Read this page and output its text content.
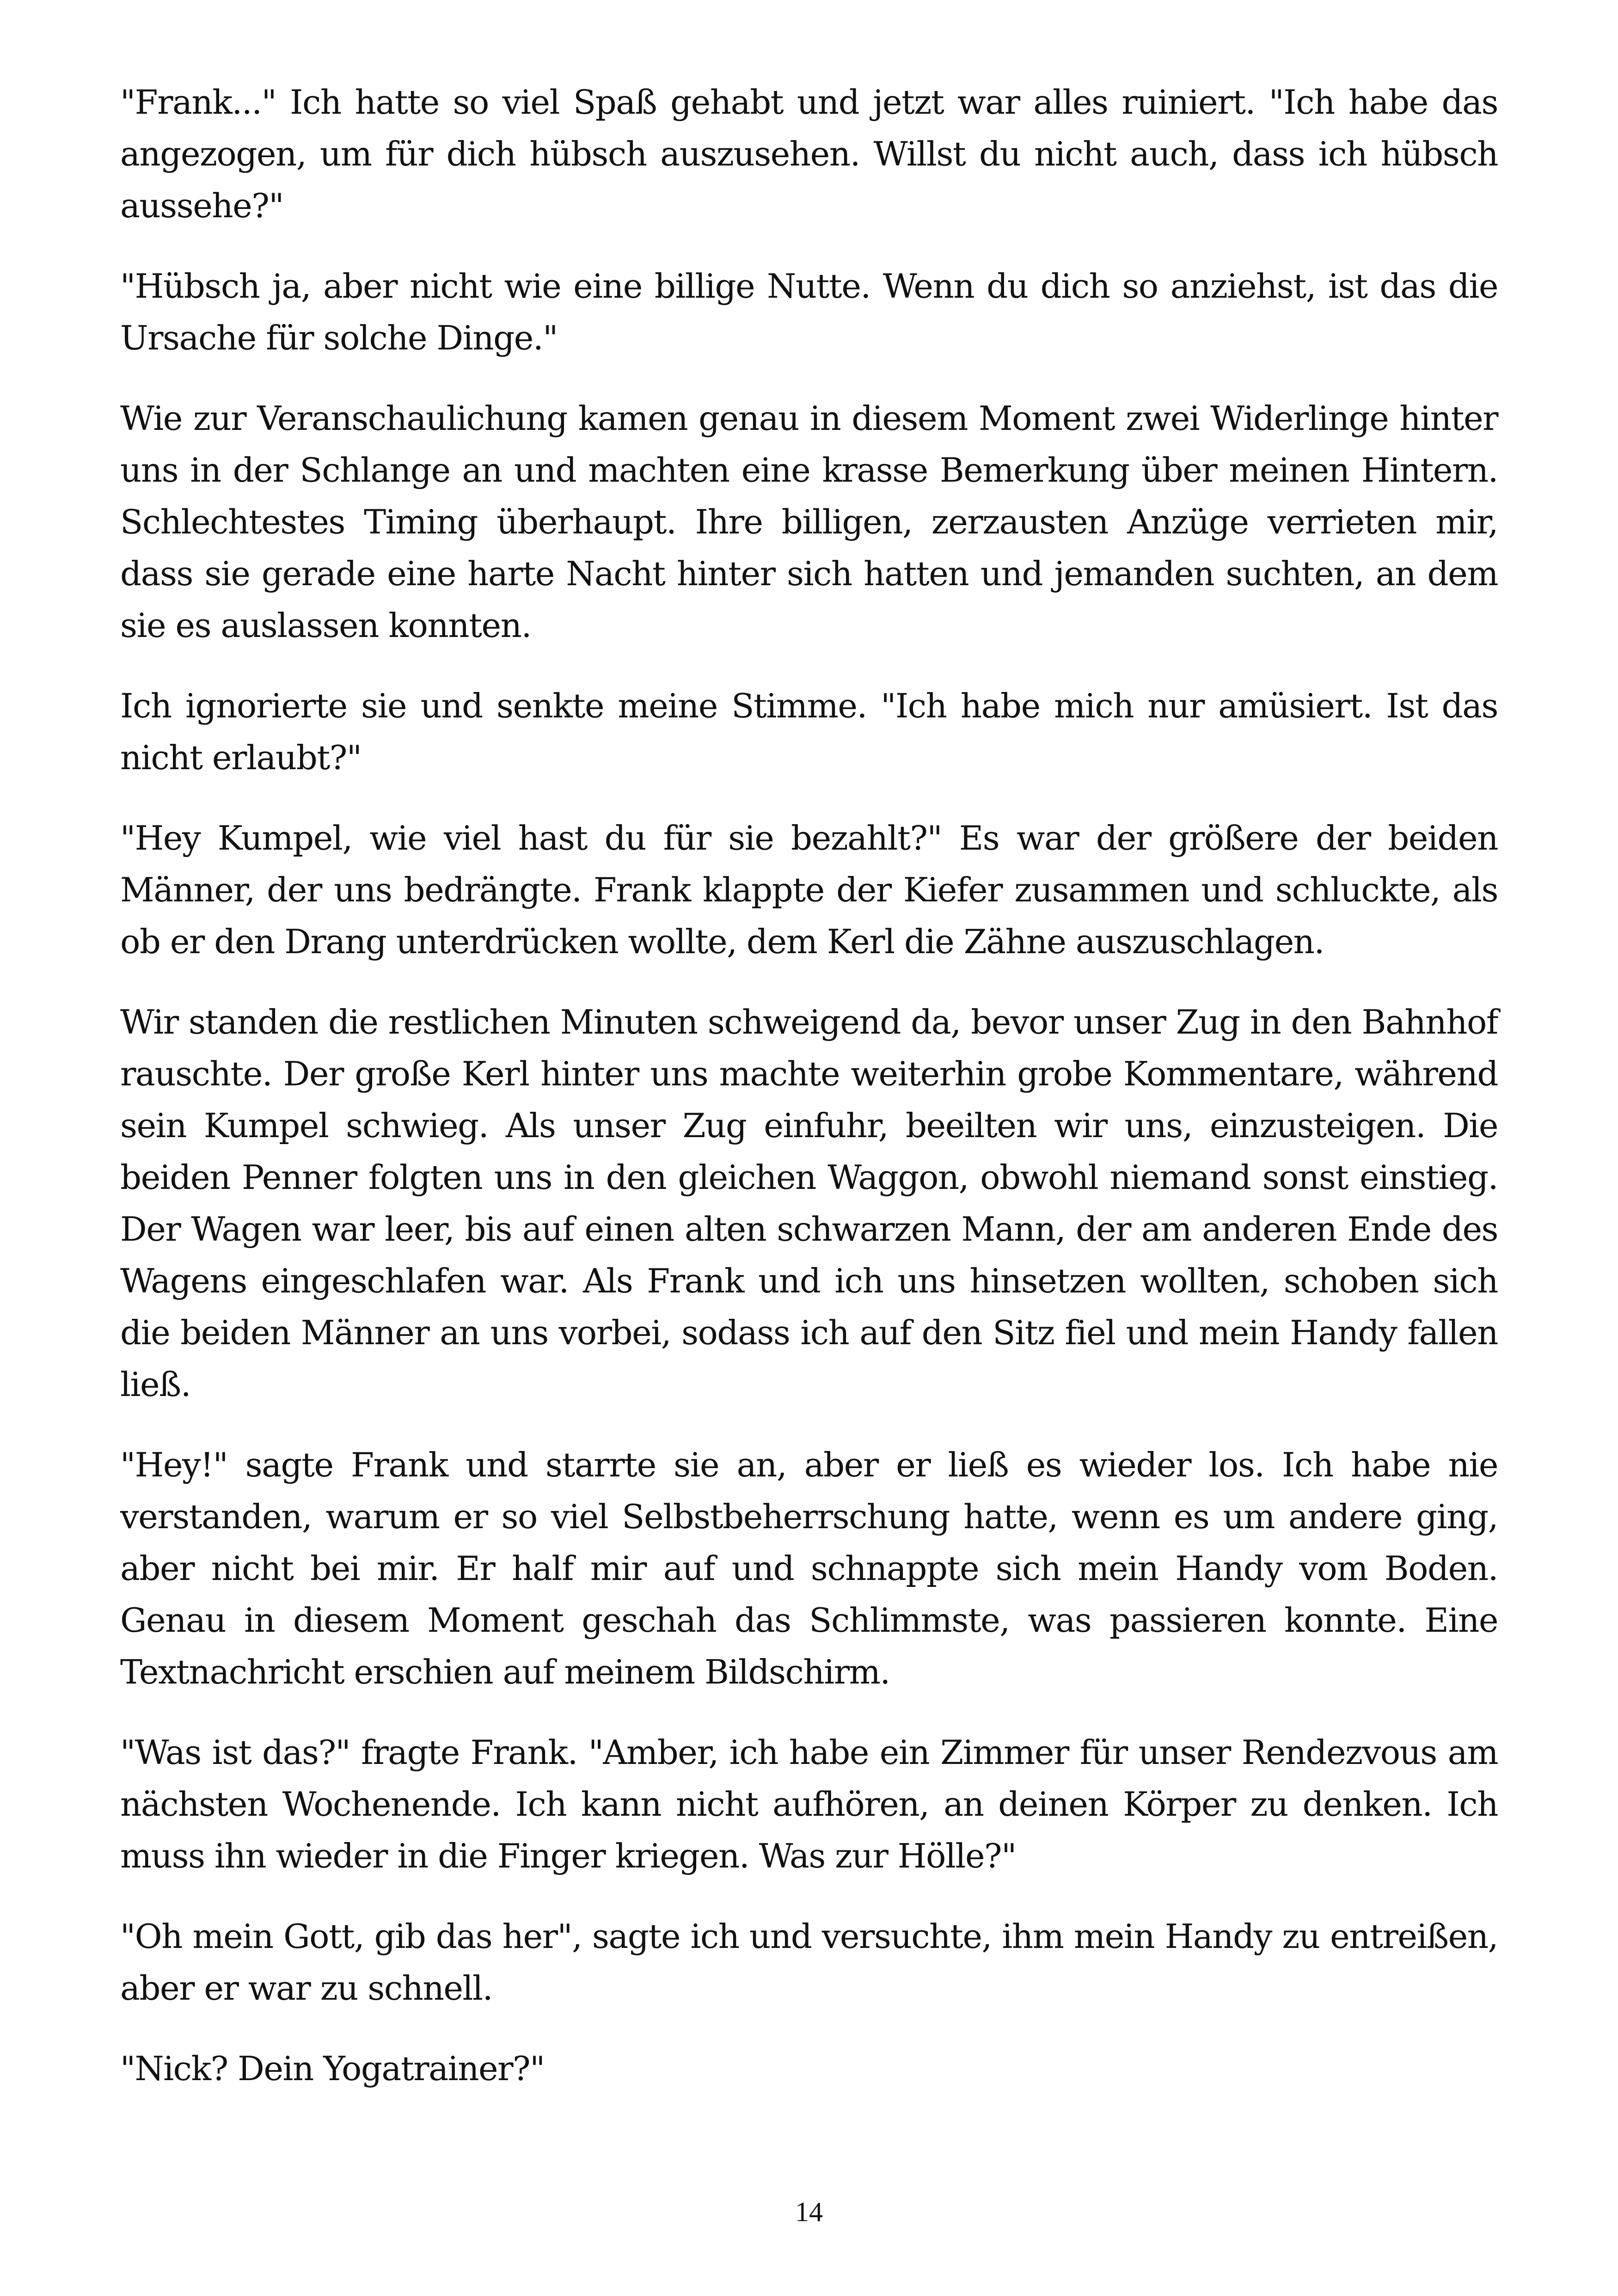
"Frank..." Ich hatte so viel Spaß gehabt und jetzt war alles ruiniert. "Ich habe das angezogen, um für dich hübsch auszusehen. Willst du nicht auch, dass ich hübsch aussehe?"

"Hübsch ja, aber nicht wie eine billige Nutte. Wenn du dich so anziehst, ist das die Ursache für solche Dinge."

Wie zur Veranschaulichung kamen genau in diesem Moment zwei Widerlinge hinter uns in der Schlange an und machten eine krasse Bemerkung über meinen Hintern. Schlechtestes Timing überhaupt. Ihre billigen, zerzausten Anzüge verrieten mir, dass sie gerade eine harte Nacht hinter sich hatten und jemanden suchten, an dem sie es auslassen konnten.

Ich ignorierte sie und senkte meine Stimme. "Ich habe mich nur amüsiert. Ist das nicht erlaubt?"

"Hey Kumpel, wie viel hast du für sie bezahlt?" Es war der größere der beiden Männer, der uns bedrängte. Frank klappte der Kiefer zusammen und schluckte, als ob er den Drang unterdrücken wollte, dem Kerl die Zähne auszuschlagen.

Wir standen die restlichen Minuten schweigend da, bevor unser Zug in den Bahnhof rauschte. Der große Kerl hinter uns machte weiterhin grobe Kommentare, während sein Kumpel schwieg. Als unser Zug einfuhr, beeilten wir uns, einzusteigen. Die beiden Penner folgten uns in den gleichen Waggon, obwohl niemand sonst einstieg. Der Wagen war leer, bis auf einen alten schwarzen Mann, der am anderen Ende des Wagens eingeschlafen war. Als Frank und ich uns hinsetzen wollten, schoben sich die beiden Männer an uns vorbei, sodass ich auf den Sitz fiel und mein Handy fallen ließ.

"Hey!" sagte Frank und starrte sie an, aber er ließ es wieder los. Ich habe nie verstanden, warum er so viel Selbstbeherrschung hatte, wenn es um andere ging, aber nicht bei mir. Er half mir auf und schnappte sich mein Handy vom Boden. Genau in diesem Moment geschah das Schlimmste, was passieren konnte. Eine Textnachricht erschien auf meinem Bildschirm.

"Was ist das?" fragte Frank. "Amber, ich habe ein Zimmer für unser Rendezvous am nächsten Wochenende. Ich kann nicht aufhören, an deinen Körper zu denken. Ich muss ihn wieder in die Finger kriegen. Was zur Hölle?"

"Oh mein Gott, gib das her", sagte ich und versuchte, ihm mein Handy zu entreißen, aber er war zu schnell.

"Nick? Dein Yogatrainer?"

14
